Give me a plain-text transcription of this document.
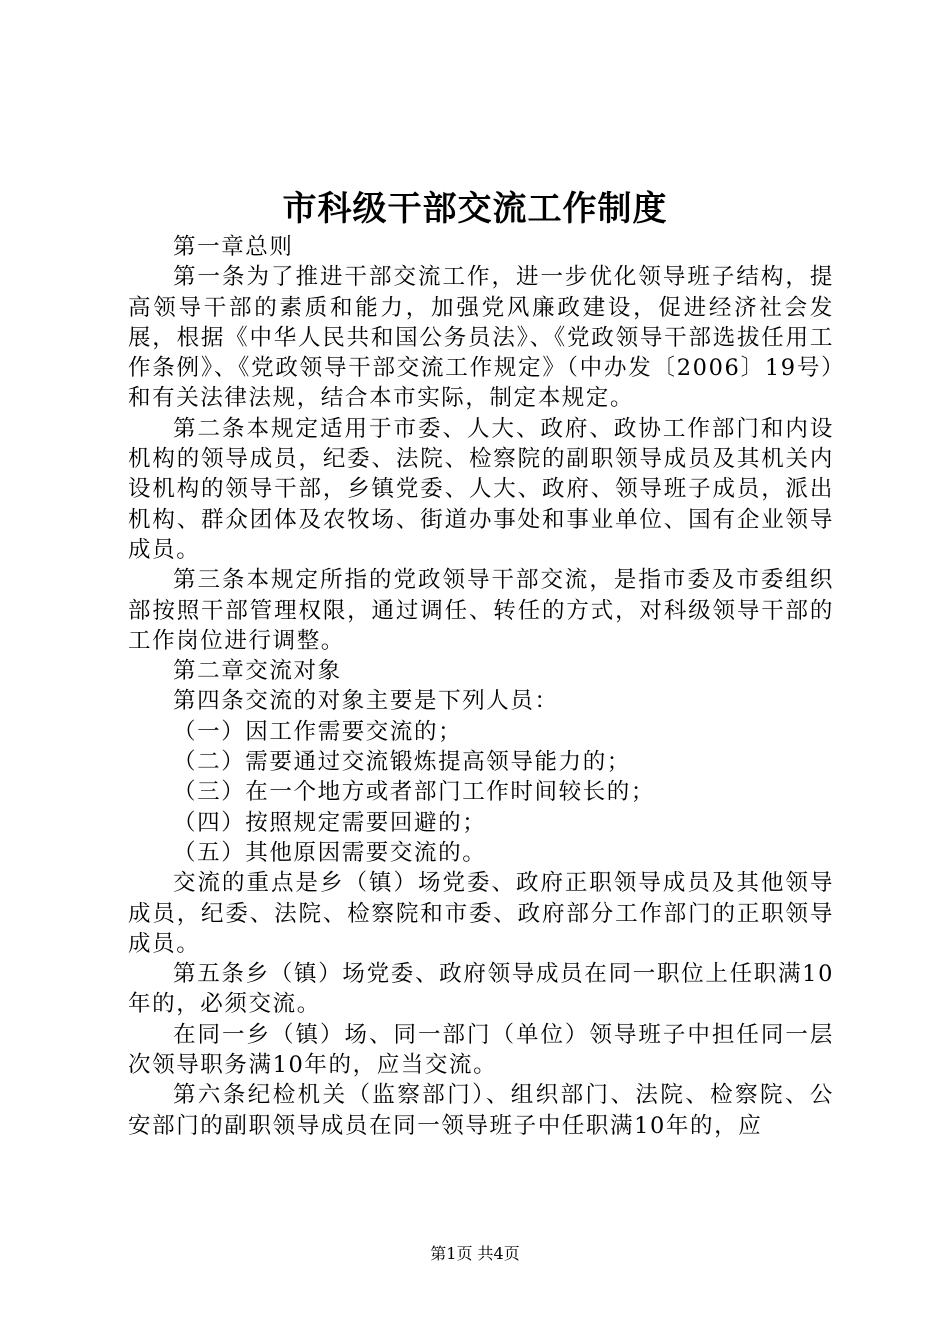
市科级干部交流工作制度

第一章总则

第一条为了推进干部交流工作，进一步优化领导班子结构，提高领导干部的素质和能力，加强党风廉政建设，促进经济社会发展，根据《中华人民共和国公务员法》、《党政领导干部选拔任用工作条例》、《党政领导干部交流工作规定》（中办发〔2006〕19号）和有关法律法规，结合本市实际，制定本规定。

第二条本规定适用于市委、人大、政府、政协工作部门和内设机构的领导成员，纪委、法院、检察院的副职领导成员及其机关内设机构的领导干部，乡镇党委、人大、政府、领导班子成员，派出机构、群众团体及农牧场、街道办事处和事业单位、国有企业领导成员。

第三条本规定所指的党政领导干部交流，是指市委及市委组织部按照干部管理权限，通过调任、转任的方式，对科级领导干部的工作岗位进行调整。

第二章交流对象

第四条交流的对象主要是下列人员：

（一）因工作需要交流的；

（二）需要通过交流锻炼提高领导能力的；

（三）在一个地方或者部门工作时间较长的；

（四）按照规定需要回避的；

（五）其他原因需要交流的。

交流的重点是乡（镇）场党委、政府正职领导成员及其他领导成员，纪委、法院、检察院和市委、政府部分工作部门的正职领导成员。

第五条乡（镇）场党委、政府领导成员在同一职位上任职满10年的，必须交流。

在同一乡（镇）场、同一部门（单位）领导班子中担任同一层次领导职务满10年的，应当交流。

第六条纪检机关（监察部门）、组织部门、法院、检察院、公安部门的副职领导成员在同一领导班子中任职满10年的，应

第1页 共4页
